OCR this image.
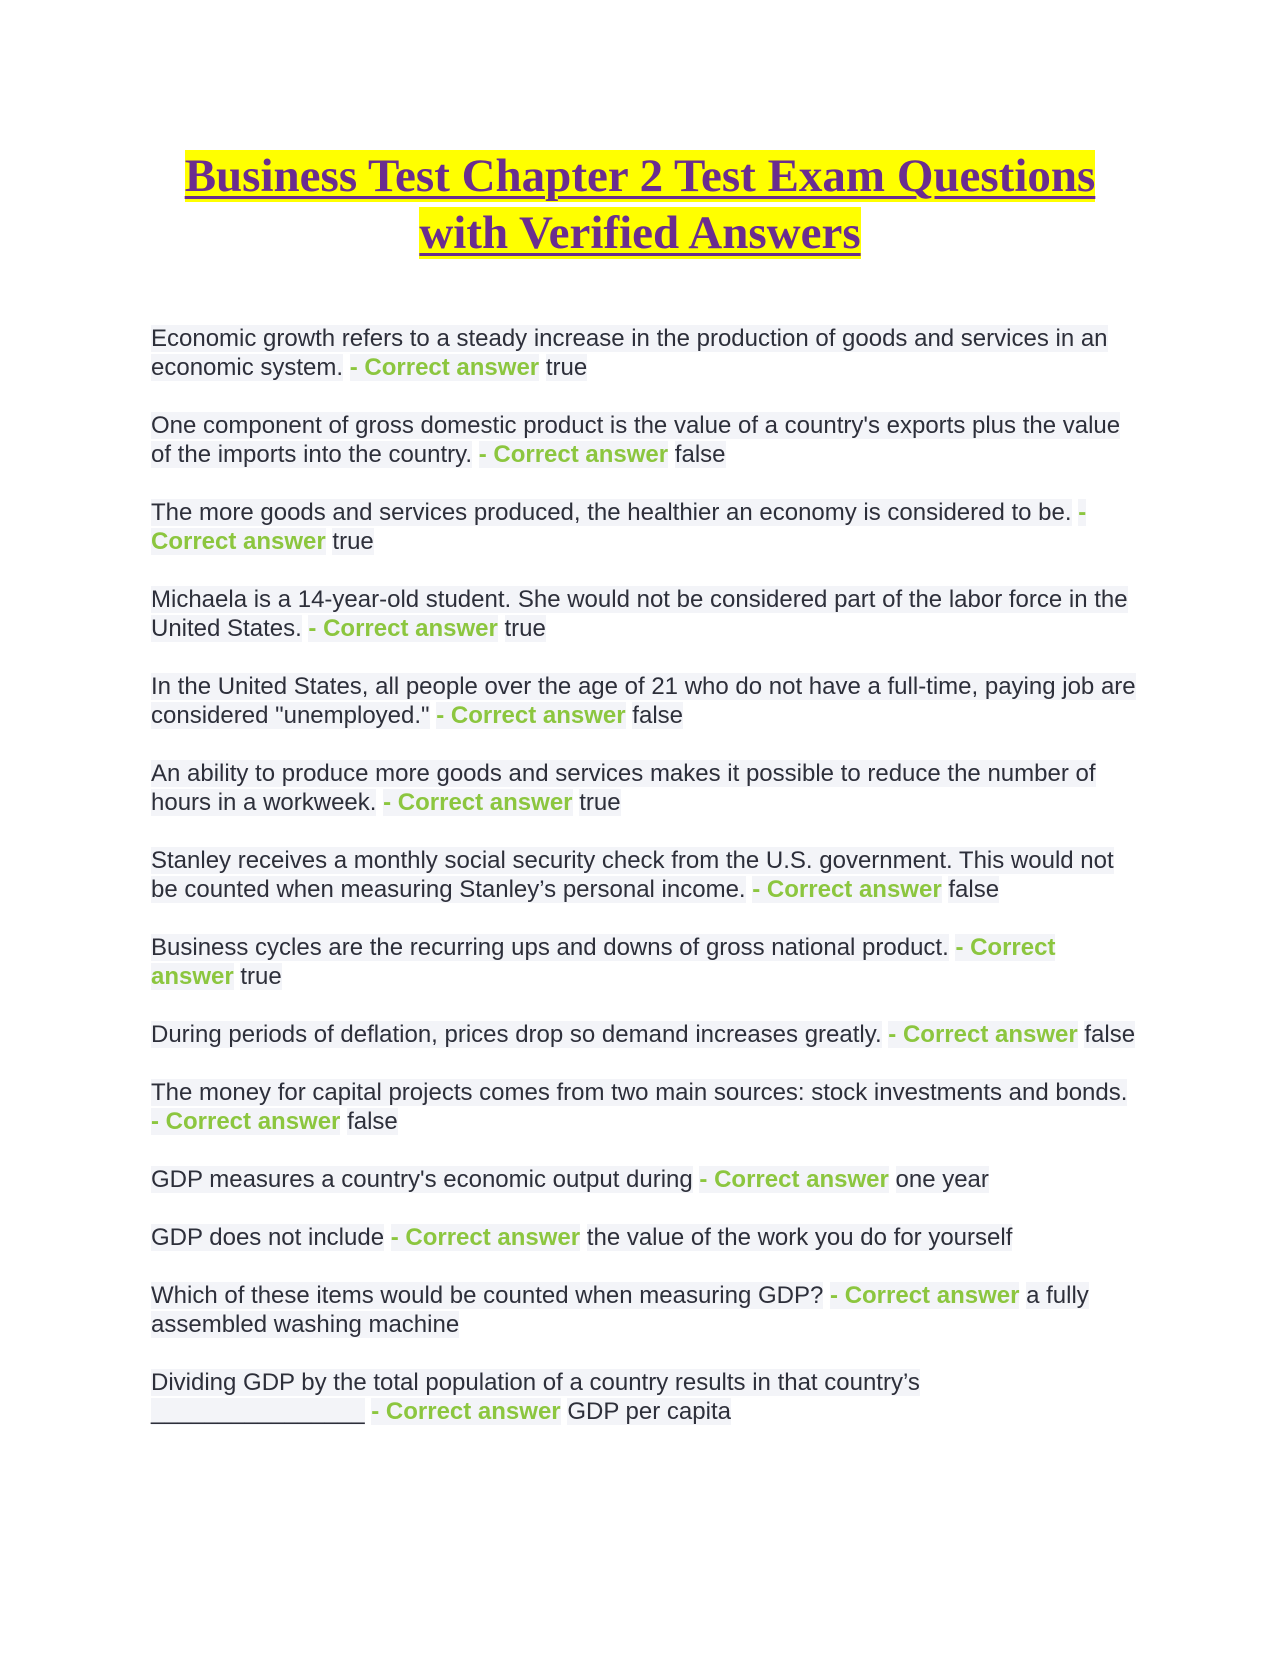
Business Test Chapter 2 Test Exam Questions
with Verified Answers

Economic growth refers to a steady increase in the production of goods and services in an economic system. - Correct answer true

One component of gross domestic product is the value of a country's exports plus the value of the imports into the country. - Correct answer false

The more goods and services produced, the healthier an economy is considered to be. - Correct answer true

Michaela is a 14-year-old student. She would not be considered part of the labor force in the United States. - Correct answer true

In the United States, all people over the age of 21 who do not have a full-time, paying job are considered "unemployed." - Correct answer false

An ability to produce more goods and services makes it possible to reduce the number of hours in a workweek. - Correct answer true

Stanley receives a monthly social security check from the U.S. government. This would not be counted when measuring Stanley’s personal income. - Correct answer false

Business cycles are the recurring ups and downs of gross national product. - Correct answer true

During periods of deflation, prices drop so demand increases greatly. - Correct answer false

The money for capital projects comes from two main sources: stock investments and bonds. - Correct answer false

GDP measures a country's economic output during - Correct answer one year

GDP does not include - Correct answer the value of the work you do for yourself

Which of these items would be counted when measuring GDP? - Correct answer a fully assembled washing machine

Dividing GDP by the total population of a country results in that country’s ________________ - Correct answer GDP per capita
